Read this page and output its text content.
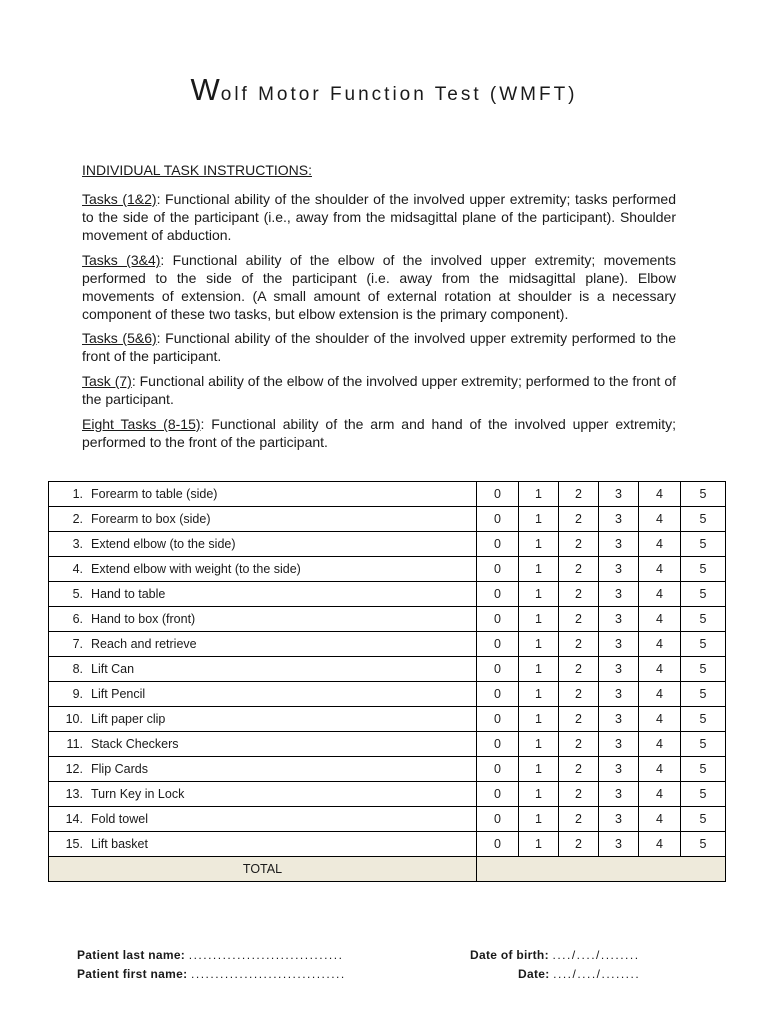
Wolf Motor Function Test (WMFT)
INDIVIDUAL TASK INSTRUCTIONS:
Tasks (1&2): Functional ability of the shoulder of the involved upper extremity; tasks performed to the side of the participant (i.e., away from the midsagittal plane of the participant). Shoulder movement of abduction.
Tasks (3&4): Functional ability of the elbow of the involved upper extremity; movements performed to the side of the participant (i.e. away from the midsagittal plane). Elbow movements of extension. (A small amount of external rotation at shoulder is a necessary component of these two tasks, but elbow extension is the primary component).
Tasks (5&6): Functional ability of the shoulder of the involved upper extremity performed to the front of the participant.
Task (7): Functional ability of the elbow of the involved upper extremity; performed to the front of the participant.
Eight Tasks (8-15): Functional ability of the arm and hand of the involved upper extremity; performed to the front of the participant.
1. Forearm to table (side)	0	1	2	3	4	5
2. Forearm to box (side)	0	1	2	3	4	5
3. Extend elbow (to the side)	0	1	2	3	4	5
4. Extend elbow with weight (to the side)	0	1	2	3	4	5
5. Hand to table	0	1	2	3	4	5
6. Hand to box (front)	0	1	2	3	4	5
7. Reach and retrieve	0	1	2	3	4	5
8. Lift Can	0	1	2	3	4	5
9. Lift Pencil	0	1	2	3	4	5
10. Lift paper clip	0	1	2	3	4	5
11. Stack Checkers	0	1	2	3	4	5
12. Flip Cards	0	1	2	3	4	5
13. Turn Key in Lock	0	1	2	3	4	5
14. Fold towel	0	1	2	3	4	5
15. Lift basket	0	1	2	3	4	5
TOTAL						
Patient last name: ................................
Patient first name: ................................
Date of birth: ..../..../........
Date: ..../..../........
